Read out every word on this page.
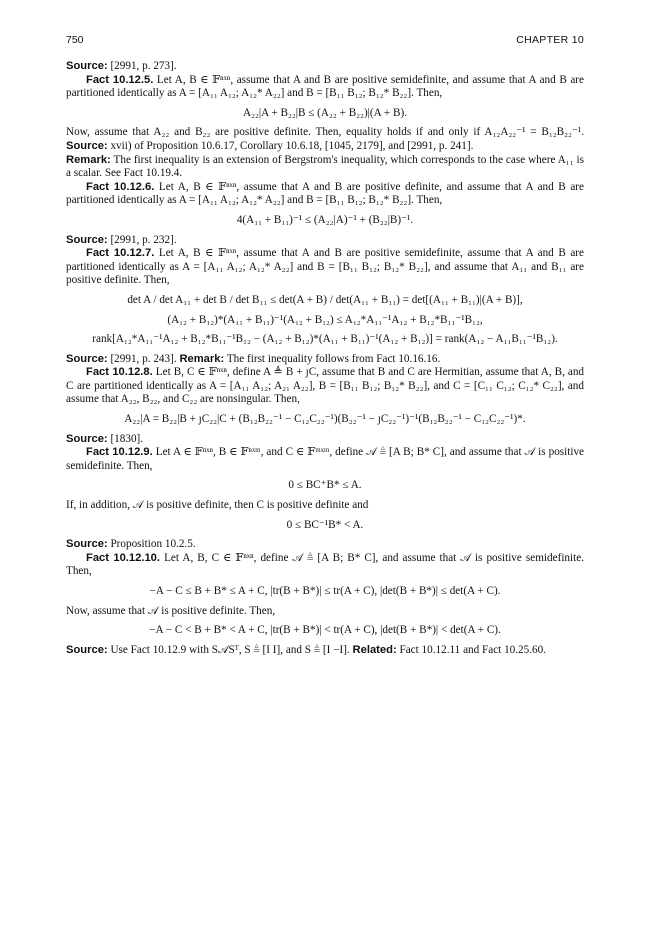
750	CHAPTER 10

Source: [2991, p. 273].

Fact 10.12.5. Let A, B ∈ 𝔽ⁿˣⁿ, assume that A and B are positive semidefinite, and assume that A and B are partitioned identically as A = [A₁₁ A₁₂; A₁₂* A₂₂] and B = [B₁₁ B₁₂; B₁₂* B₂₂]. Then,

A₂₂|A + B₂₂|B ≤ (A₂₂ + B₂₂)|(A + B).

Now, assume that A₂₂ and B₂₂ are positive definite. Then, equality holds if and only if A₁₂A₂₂⁻¹ = B₁₂B₂₂⁻¹. Source: xvii) of Proposition 10.6.17, Corollary 10.6.18, [1045, 2179], and [2991, p. 241].

Remark: The first inequality is an extension of Bergstrom's inequality, which corresponds to the case where A₁₁ is a scalar. See Fact 10.19.4.

Fact 10.12.6. Let A, B ∈ 𝔽ⁿˣⁿ, assume that A and B are positive definite, and assume that A and B are partitioned identically as A = [A₁₁ A₁₂; A₁₂* A₂₂] and B = [B₁₁ B₁₂; B₁₂* B₂₂]. Then,

4(A₁₁ + B₁₁)⁻¹ ≤ (A₂₂|A)⁻¹ + (B₂₂|B)⁻¹.

Source: [2991, p. 232].

Fact 10.12.7. Let A, B ∈ 𝔽ⁿˣⁿ, assume that A and B are positive semidefinite, assume that A and B are partitioned identically as A = [A₁₁ A₁₂; A₁₂* A₂₂] and B = [B₁₁ B₁₂; B₁₂* B₂₂], and assume that A₁₁ and B₁₁ are positive definite. Then,

det A / det A₁₁ + det B / det B₁₁ ≤ det(A + B) / det(A₁₁ + B₁₁) = det[(A₁₁ + B₁₁)|(A + B)],
(A₁₂ + B₁₂)*(A₁₁ + B₁₁)⁻¹(A₁₂ + B₁₂) ≤ A₁₂*A₁₁⁻¹A₁₂ + B₁₂*B₁₁⁻¹B₁₂,
rank[A₁₂*A₁₁⁻¹A₁₂ + B₁₂*B₁₁⁻¹B₁₂ − (A₁₂ + B₁₂)*(A₁₁ + B₁₁)⁻¹(A₁₂ + B₁₂)] = rank(A₁₂ − A₁₁B₁₁⁻¹B₁₂).

Source: [2991, p. 243]. Remark: The first inequality follows from Fact 10.16.16.

Fact 10.12.8. Let B, C ∈ 𝔽ⁿˣⁿ, define A ≜ B + ȷC, assume that B and C are Hermitian, assume that A, B, and C are partitioned identically as A = [A₁₁ A₁₂; A₂₁ A₂₂], B = [B₁₁ B₁₂; B₁₂* B₂₂], and C = [C₁₁ C₁₂; C₁₂* C₂₂], and assume that A₂₂, B₂₂, and C₂₂ are nonsingular. Then,

A₂₂|A = B₂₂|B + ȷC₂₂|C + (B₁₂B₂₂⁻¹ − C₁₂C₂₂⁻¹)(B₂₂⁻¹ − ȷC₂₂⁻¹)⁻¹(B₁₂B₂₂⁻¹ − C₁₂C₂₂⁻¹)*.

Source: [1830].

Fact 10.12.9. Let A ∈ 𝔽ⁿˣⁿ, B ∈ 𝔽ⁿˣᵐ, and C ∈ 𝔽ᵐˣᵐ, define 𝒜 ≜ [A B; B* C], and assume that 𝒜 is positive semidefinite. Then,

0 ≤ BC⁺B* ≤ A.

If, in addition, 𝒜 is positive definite, then C is positive definite and

0 ≤ BC⁻¹B* < A.

Source: Proposition 10.2.5.

Fact 10.12.10. Let A, B, C ∈ 𝔽ⁿˣⁿ, define 𝒜 ≜ [A B; B* C], and assume that 𝒜 is positive semidefinite. Then,

−A − C ≤ B + B* ≤ A + C, |tr(B + B*)| ≤ tr(A + C), |det(B + B*)| ≤ det(A + C).

Now, assume that 𝒜 is positive definite. Then,

−A − C < B + B* < A + C, |tr(B + B*)| < tr(A + C), |det(B + B*)| < det(A + C).

Source: Use Fact 10.12.9 with S𝒜Sᵀ, S ≜ [I I], and S ≜ [I −I]. Related: Fact 10.12.11 and Fact 10.25.60.
